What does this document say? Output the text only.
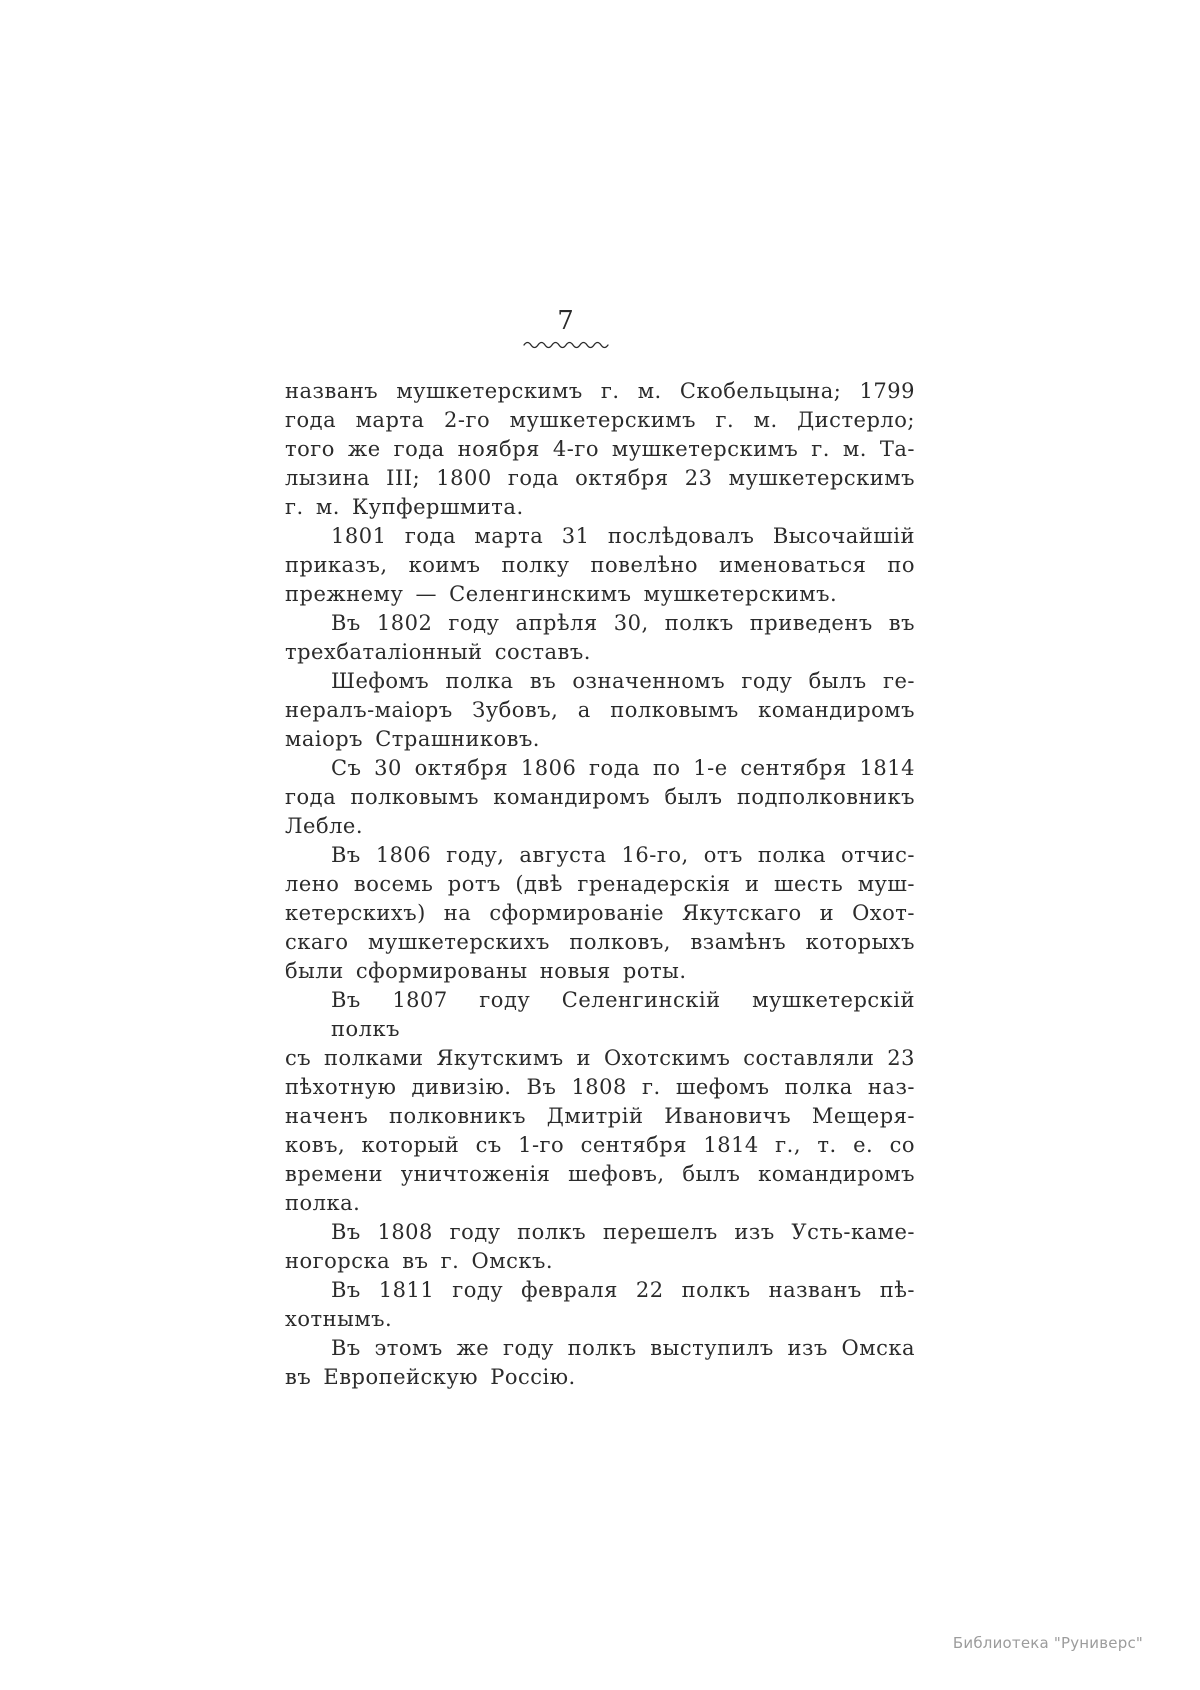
7
названъ мушкетерскимъ г. м. Скобельцына; 1799
года марта 2-го мушкетерскимъ г. м. Дистерло;
того же года ноября 4-го мушкетерскимъ г. м. Та-
лызина III; 1800 года октября 23 мушкетерскимъ
г. м. Купфершмита.
1801 года марта 31 послѣдовалъ Высочайшій
приказъ, коимъ полку повелѣно именоваться по
прежнему — Селенгинскимъ мушкетерскимъ.
Въ 1802 году апрѣля 30, полкъ приведенъ въ
трехбаталіонный составъ.
Шефомъ полка въ означенномъ году былъ ге-
нералъ-маіоръ Зубовъ, а полковымъ командиромъ
маіоръ Страшниковъ.
Съ 30 октября 1806 года по 1-е сентября 1814
года полковымъ командиромъ былъ подполковникъ
Лебле.
Въ 1806 году, августа 16-го, отъ полка отчис-
лено восемь ротъ (двѣ гренадерскія и шесть муш-
кетерскихъ) на сформированіе Якутскаго и Охот-
скаго мушкетерскихъ полковъ, взамѣнъ которыхъ
были сформированы новыя роты.
Въ 1807 году Селенгинскій мушкетерскій полкъ
съ полками Якутскимъ и Охотскимъ составляли 23
пѣхотную дивизію. Въ 1808 г. шефомъ полка наз-
наченъ полковникъ Дмитрій Ивановичъ Мещеря-
ковъ, который съ 1-го сентября 1814 г., т. е. со
времени уничтоженія шефовъ, былъ командиромъ
полка.
Въ 1808 году полкъ перешелъ изъ Усть-каме-
ногорска въ г. Омскъ.
Въ 1811 году февраля 22 полкъ названъ пѣ-
хотнымъ.
Въ этомъ же году полкъ выступилъ изъ Омска
въ Европейскую Россію.
Библиотека "Руниверс"
